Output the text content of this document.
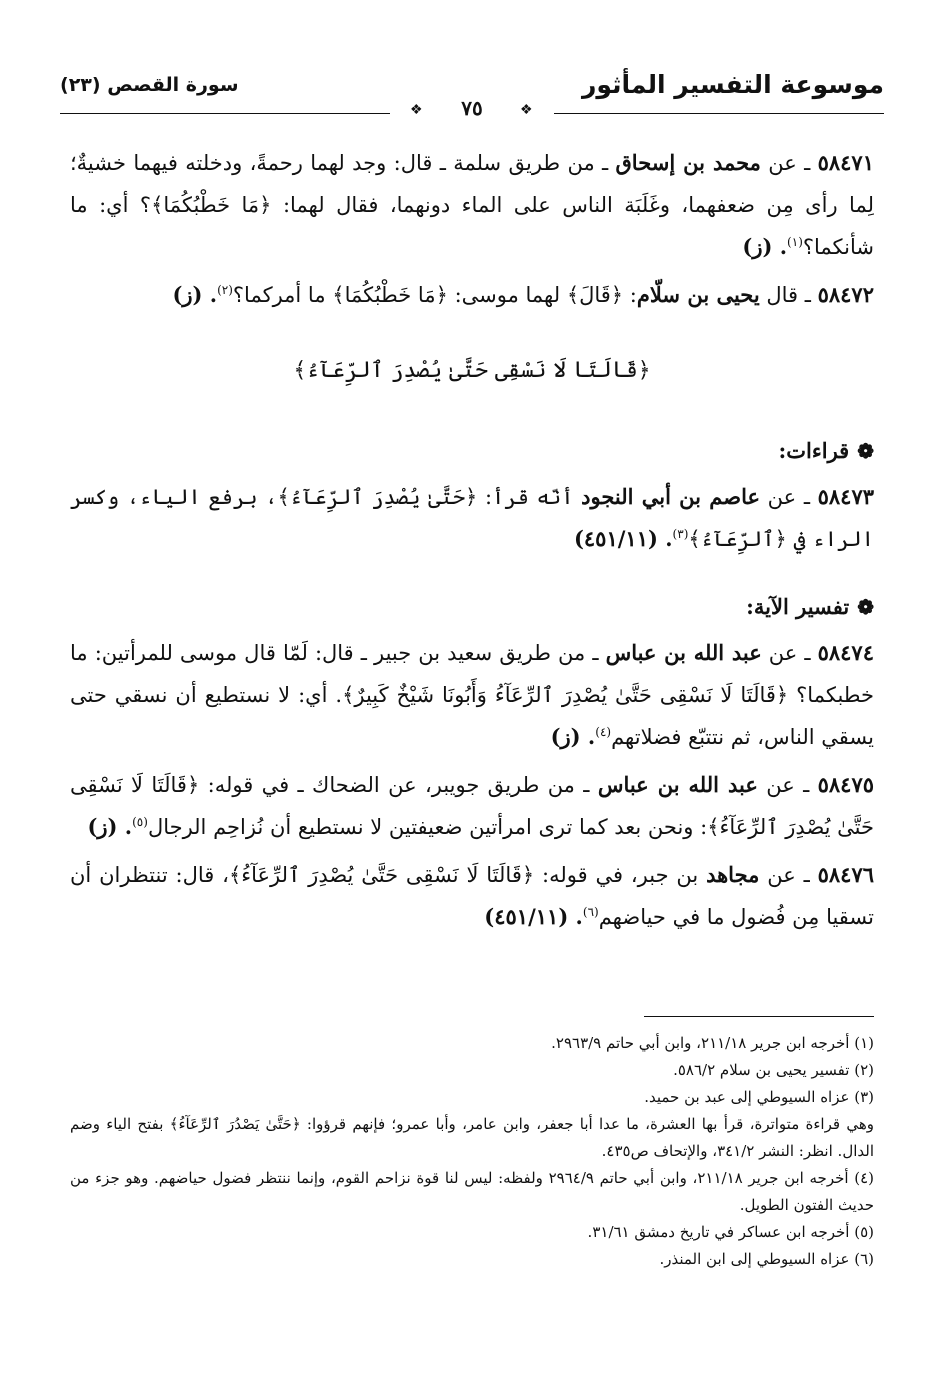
موسوعة التفسير المأثور
سورة القصص (٢٣)
❖	٧٥	❖

٥٨٤٧١ ـ عن محمد بن إسحاق ـ من طريق سلمة ـ قال: وجد لهما رحمةً، ودخلته فيهما خشيةٌ؛ لِما رأى مِن ضعفهما، وغَلَبَة الناس على الماء دونهما، فقال لهما: ﴿مَا خَطْبُكُمَا﴾؟ أي: ما شأنكما؟$^{(١)}$. (ز)

٥٨٤٧٢ ـ قال يحيى بن سلّام: ﴿قَالَ﴾ لهما موسى: ﴿مَا خَطْبُكُمَا﴾ ما أمركما؟$^{(٢)}$. (ز)

﴿قَالَتَا لَا نَسْقِى حَتَّىٰ يُصْدِرَ ٱلرِّعَآءُ﴾
❁قراءات:

٥٨٤٧٣ ـ عن عاصم بن أبي النجود أنّه قرأ: ﴿حَتَّىٰ يُصْدِرَ ٱلرِّعَآءُ﴾، برفع الياء، وكسر الراء في ﴿ٱلرِّعَآءُ﴾$^{(٣)}$. (٤٥١/١١)

❁تفسير الآية:

٥٨٤٧٤ ـ عن عبد الله بن عباس ـ من طريق سعيد بن جبير ـ قال: لَمّا قال موسى للمرأتين: ما خطبكما؟ ﴿قَالَتَا لَا نَسْقِى حَتَّىٰ يُصْدِرَ ٱلرِّعَآءُ وَأَبُونَا شَيْخٌ كَبِيرٌ﴾. أي: لا نستطيع أن نسقي حتى يسقي الناس، ثم نتتبّع فضلاتهم$^{(٤)}$. (ز)

٥٨٤٧٥ ـ عن عبد الله بن عباس ـ من طريق جويبر، عن الضحاك ـ في قوله: ﴿قَالَتَا لَا نَسْقِى حَتَّىٰ يُصْدِرَ ٱلرِّعَآءُ﴾: ونحن بعد كما ترى امرأتين ضعيفتين لا نستطيع أن نُزاحِم الرجال$^{(٥)}$. (ز)

٥٨٤٧٦ ـ عن مجاهد بن جبر، في قوله: ﴿قَالَتَا لَا نَسْقِى حَتَّىٰ يُصْدِرَ ٱلرِّعَآءُ﴾، قال: تنتظران أن تسقيا مِن فُضول ما في حياضهم$^{(٦)}$. (٤٥١/١١)

(١) أخرجه ابن جرير ٢١١/١٨، وابن أبي حاتم ٢٩٦٣/٩.

(٢) تفسير يحيى بن سلام ٥٨٦/٢.

(٣) عزاه السيوطي إلى عبد بن حميد.

وهي قراءة متواترة، قرأ بها العشرة، ما عدا أبا جعفر، وابن عامر، وأبا عمرو؛ فإنهم قرؤوا: ﴿حَتَّىٰ يَصْدُرَ ٱلرِّعَآءُ﴾ بفتح الياء وضم الدال. انظر: النشر ٣٤١/٢، والإتحاف ص٤٣٥.

(٤) أخرجه ابن جرير ٢١١/١٨، وابن أبي حاتم ٢٩٦٤/٩ ولفظه: ليس لنا قوة نزاحم القوم، وإنما ننتظر فضول حياضهم. وهو جزء من حديث الفتون الطويل.

(٥) أخرجه ابن عساكر في تاريخ دمشق ٣١/٦١.

(٦) عزاه السيوطي إلى ابن المنذر.
